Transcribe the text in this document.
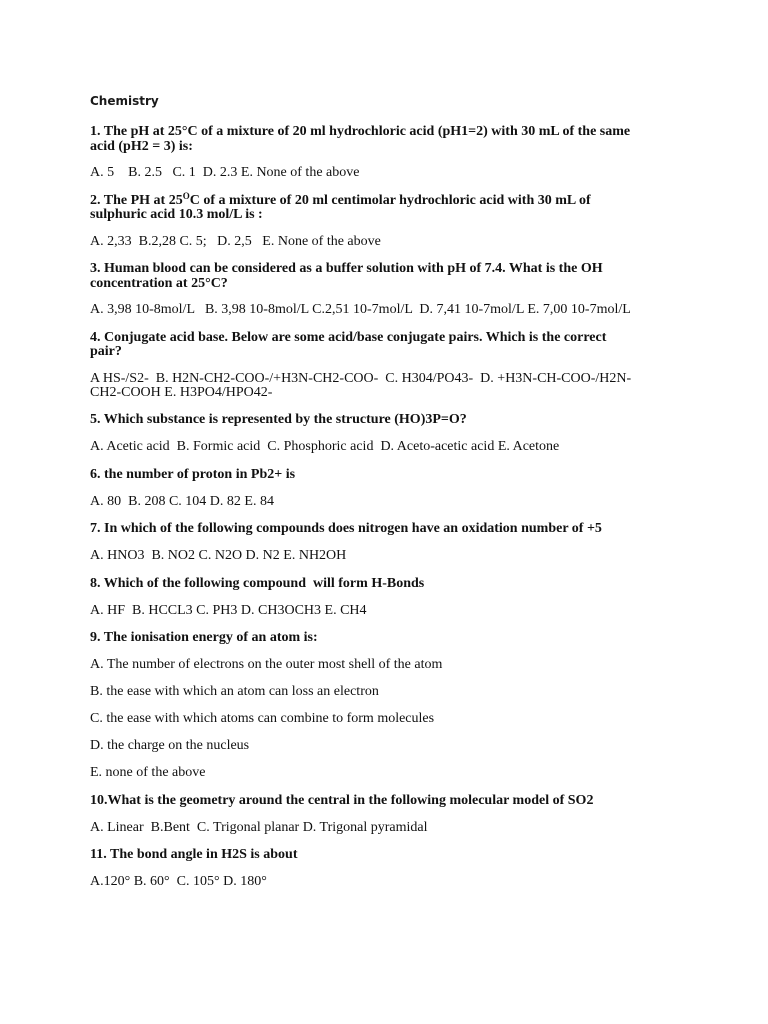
Chemistry
1. The pH at 25°C of a mixture of 20 ml hydrochloric acid (pH1=2) with 30 mL of the same
acid (pH2 = 3) is:
A. 5    B. 2.5   C. 1  D. 2.3 E. None of the above
2. The PH at $25^OC$ of a mixture of 20 ml centimolar hydrochloric acid with 30 mL of
sulphuric acid 10.3 mol/L is :
A. 2,33  B.2,28 C. 5;   D. 2,5   E. None of the above
3. Human blood can be considered as a buffer solution with pH of 7.4. What is the OH
concentration at 25°C?
A. 3,98 10-8mol/L   B. 3,98 10-8mol/L C.2,51 10-7mol/L  D. 7,41 10-7mol/L E. 7,00 10-7mol/L
4. Conjugate acid base. Below are some acid/base conjugate pairs. Which is the correct
pair?
A HS-/S2-  B. H2N-CH2-COO-/+H3N-CH2-COO-  C. H304/PO43-  D. +H3N-CH-COO-/H2N-
CH2-COOH E. H3PO4/HPO42-
5. Which substance is represented by the structure (HO)3P=O?
A. Acetic acid  B. Formic acid  C. Phosphoric acid  D. Aceto-acetic acid E. Acetone
6. the number of proton in Pb2+ is
A. 80  B. 208 C. 104 D. 82 E. 84
7. In which of the following compounds does nitrogen have an oxidation number of +5
A. HNO3  B. NO2 C. N2O D. N2 E. NH2OH
8. Which of the following compound  will form H-Bonds
A. HF  B. HCCL3 C. PH3 D. CH3OCH3 E. CH4
9. The ionisation energy of an atom is:
A. The number of electrons on the outer most shell of the atom
B. the ease with which an atom can loss an electron
C. the ease with which atoms can combine to form molecules
D. the charge on the nucleus
E. none of the above
10.What is the geometry around the central in the following molecular model of SO2
A. Linear  B.Bent  C. Trigonal planar D. Trigonal pyramidal
11. The bond angle in H2S is about
A.120° B. 60°  C. 105° D. 180°
